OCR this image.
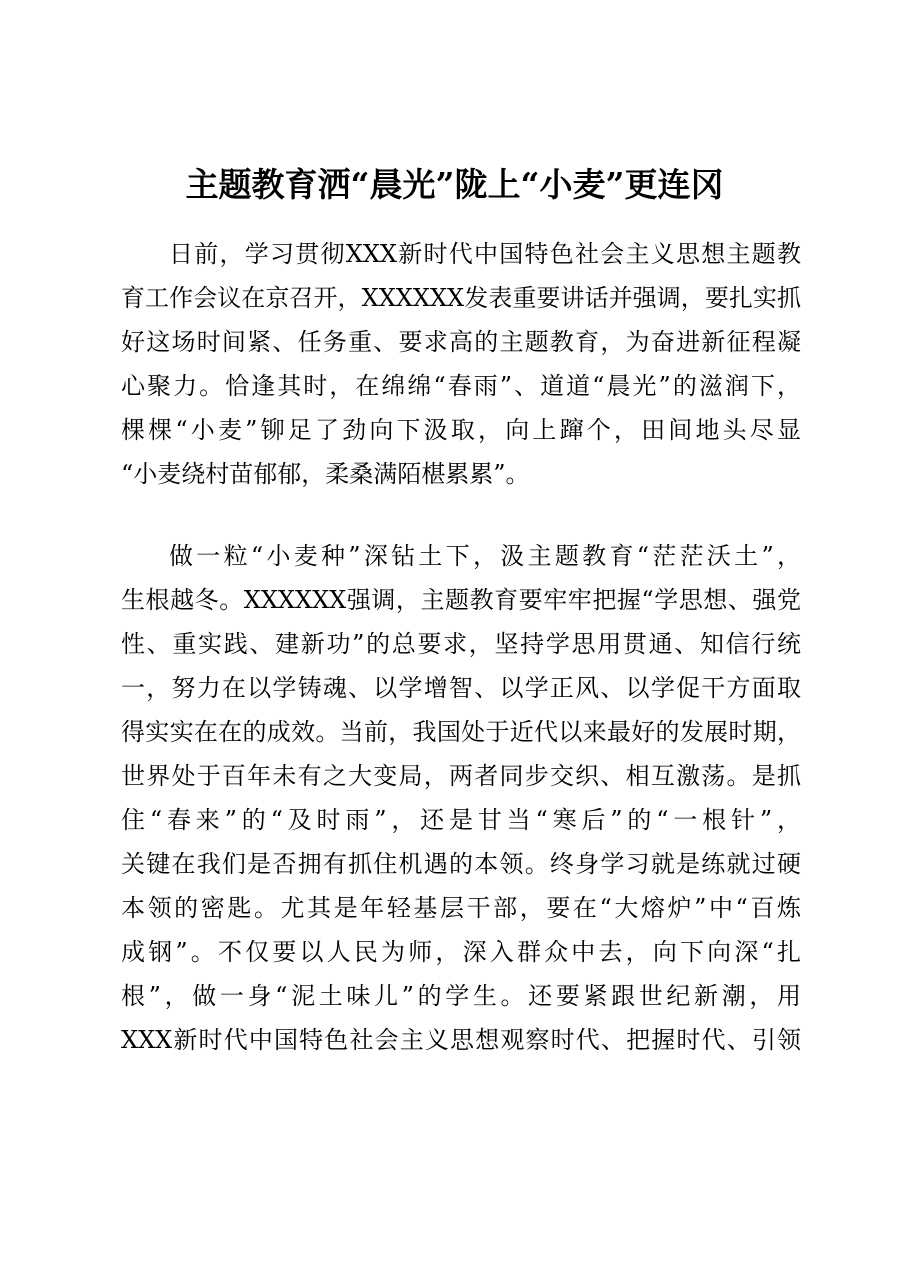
主题教育洒“晨光”陇上“小麦”更连冈
日前，学习贯彻XXX新时代中国特色社会主义思想主题教
育工作会议在京召开，XXXXXX发表重要讲话并强调，要扎实抓
好这场时间紧、任务重、要求高的主题教育，为奋进新征程凝
心聚力。恰逢其时，在绵绵“春雨”、道道“晨光”的滋润下，
棵棵“小麦”铆足了劲向下汲取，向上蹿个，田间地头尽显
“小麦绕村苗郁郁，柔桑满陌椹累累”。
做一粒“小麦种”深钻土下，汲主题教育“茫茫沃土”，
生根越冬。XXXXXX强调，主题教育要牢牢把握“学思想、强党
性、重实践、建新功”的总要求，坚持学思用贯通、知信行统
一，努力在以学铸魂、以学增智、以学正风、以学促干方面取
得实实在在的成效。当前，我国处于近代以来最好的发展时期，
世界处于百年未有之大变局，两者同步交织、相互激荡。是抓
住“春来”的“及时雨”，还是甘当“寒后”的“一根针”，
关键在我们是否拥有抓住机遇的本领。终身学习就是练就过硬
本领的密匙。尤其是年轻基层干部，要在“大熔炉”中“百炼
成钢”。不仅要以人民为师，深入群众中去，向下向深“扎
根”，做一身“泥土味儿”的学生。还要紧跟世纪新潮，用
XXX新时代中国特色社会主义思想观察时代、把握时代、引领
